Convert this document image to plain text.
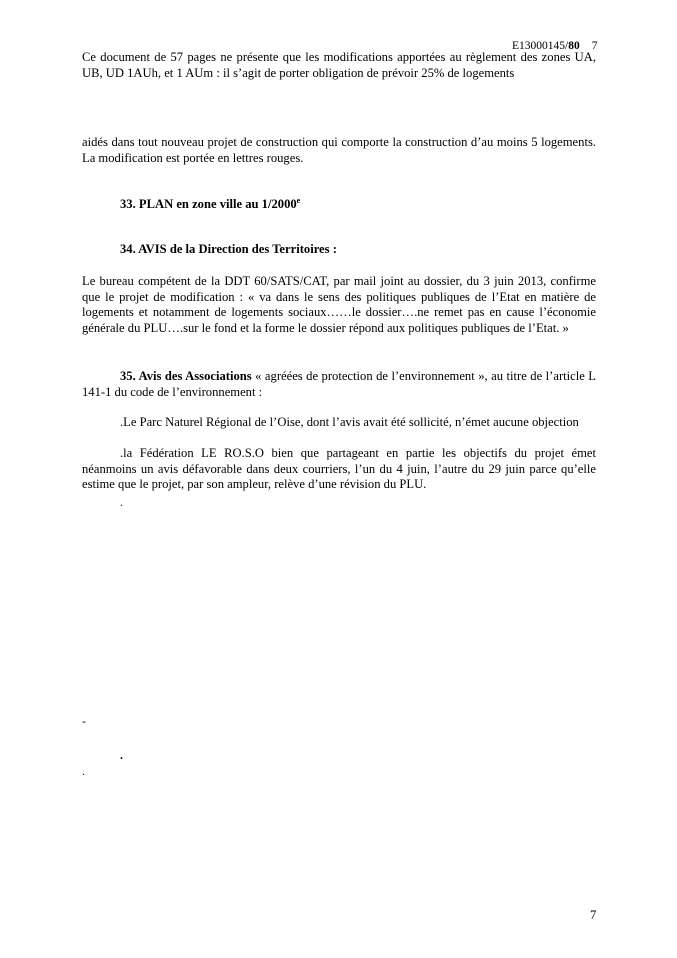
E13000145/80 7
Ce document de 57 pages ne présente que les modifications apportées au règlement des zones UA, UB, UD 1AUh, et 1 AUm : il s’agit de porter obligation de prévoir 25% de logements
aidés dans tout nouveau projet de construction qui comporte la construction d’au moins 5 logements. La modification est portée en lettres rouges.
33. PLAN en zone ville au 1/2000e
34. AVIS de la Direction des Territoires :
Le bureau compétent de la DDT 60/SATS/CAT, par mail joint au dossier, du 3 juin 2013, confirme que le projet de modification : « va dans le sens des politiques publiques de l’Etat en matière de logements et notamment de logements sociaux……le dossier….ne remet pas en cause l’économie générale du PLU….sur le fond et la forme le dossier répond aux politiques publiques de l’Etat. »
35. Avis des Associations « agréées de protection de l’environnement », au titre de l’article L 141-1 du code de l’environnement :
.Le Parc Naturel Régional de l’Oise, dont l’avis avait été sollicité, n’émet aucune objection
.la Fédération LE RO.S.O bien que partageant en partie les objectifs du projet émet néanmoins un avis défavorable dans deux courriers, l’un du 4 juin, l’autre du 29 juin parce qu’elle estime que le projet, par son ampleur, relève d’une révision du PLU.
.
-
.
.
7
